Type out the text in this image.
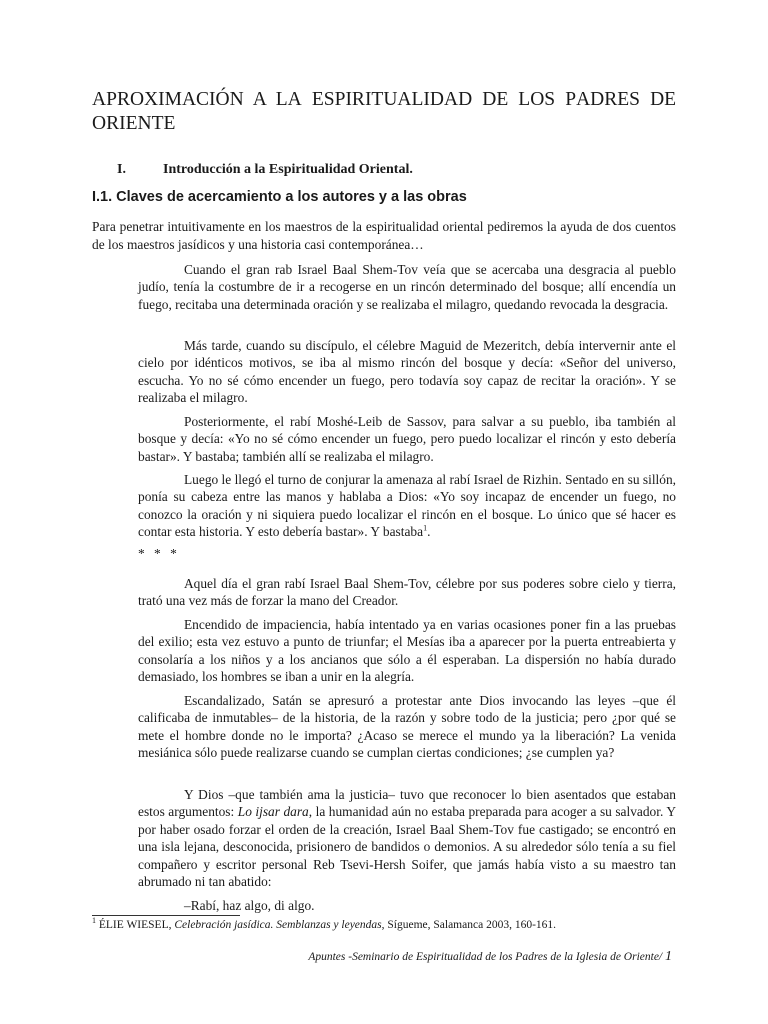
APROXIMACIÓN A LA ESPIRITUALIDAD DE LOS PADRES DE
ORIENTE
I.	Introducción a la Espiritualidad Oriental.
I.1. Claves de acercamiento a los autores y a las obras
Para penetrar intuitivamente en los maestros de la espiritualidad oriental pediremos la ayuda de dos cuentos de los maestros jasídicos y una historia casi contemporánea…

Cuando el gran rab Israel Baal Shem-Tov veía que se acercaba una desgracia al pueblo judío, tenía la costumbre de ir a recogerse en un rincón determinado del bosque; allí encendía un fuego, recitaba una determinada oración y se realizaba el milagro, quedando revocada la desgracia.

Más tarde, cuando su discípulo, el célebre Maguid de Mezeritch, debía intervernir ante el cielo por idénticos motivos, se iba al mismo rincón del bosque y decía: «Señor del universo, escucha. Yo no sé cómo encender un fuego, pero todavía soy capaz de recitar la oración». Y se realizaba el milagro.

Posteriormente, el rabí Moshé-Leib de Sassov, para salvar a su pueblo, iba también al bosque y decía: «Yo no sé cómo encender un fuego, pero puedo localizar el rincón y esto debería bastar». Y bastaba; también allí se realizaba el milagro.

Luego le llegó el turno de conjurar la amenaza al rabí Israel de Rizhin. Sentado en su sillón, ponía su cabeza entre las manos y hablaba a Dios: «Yo soy incapaz de encender un fuego, no conozco la oración y ni siquiera puedo localizar el rincón en el bosque. Lo único que sé hacer es contar esta historia. Y esto debería bastar». Y bastaba$^1$.

* * *

Aquel día el gran rabí Israel Baal Shem-Tov, célebre por sus poderes sobre cielo y tierra, trató una vez más de forzar la mano del Creador.

Encendido de impaciencia, había intentado ya en varias ocasiones poner fin a las pruebas del exilio; esta vez estuvo a punto de triunfar; el Mesías iba a aparecer por la puerta entreabierta y consolaría a los niños y a los ancianos que sólo a él esperaban. La dispersión no había durado demasiado, los hombres se iban a unir en la alegría.

Escandalizado, Satán se apresuró a protestar ante Dios invocando las leyes –que él calificaba de inmutables– de la historia, de la razón y sobre todo de la justicia; pero ¿por qué se mete el hombre donde no le importa? ¿Acaso se merece el mundo ya la liberación? La venida mesiánica sólo puede realizarse cuando se cumplan ciertas condiciones; ¿se cumplen ya?

Y Dios –que también ama la justicia– tuvo que reconocer lo bien asentados que estaban estos argumentos: Lo ijsar dara, la humanidad aún no estaba preparada para acoger a su salvador. Y por haber osado forzar el orden de la creación, Israel Baal Shem-Tov fue castigado; se encontró en una isla lejana, desconocida, prisionero de bandidos o demonios. A su alrededor sólo tenía a su fiel compañero y escritor personal Reb Tsevi-Hersh Soifer, que jamás había visto a su maestro tan abrumado ni tan abatido:

–Rabí, haz algo, di algo.

$^1$ ÉLIE WIESEL, Celebración jasídica. Semblanzas y leyendas, Sígueme, Salamanca 2003, 160-161.
Apuntes -Seminario de Espiritualidad de los Padres de la Iglesia de Oriente/ 1
